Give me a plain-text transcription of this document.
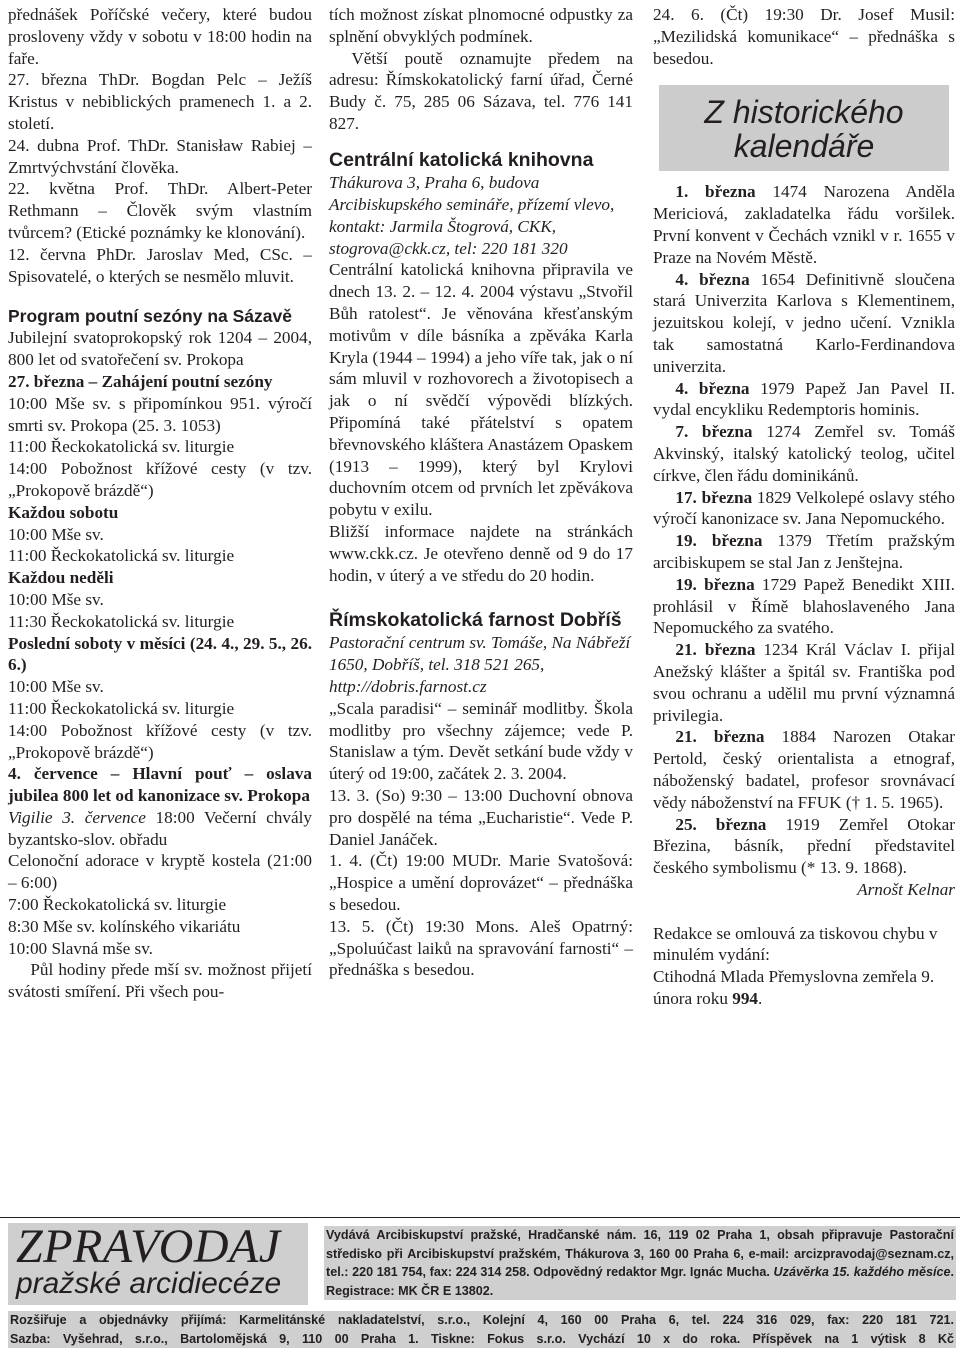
přednášek Poříčské večery, které budou prosloveny vždy v sobotu v 18:00 hodin na faře.

27. března ThDr. Bogdan Pelc – Ježíš Kristus v nebiblických pramenech 1. a 2. století.

24. dubna Prof. ThDr. Stanisław Rabiej – Zmrtvýchvstání člověka.

22. května Prof. ThDr. Albert-Peter Rethmann – Člověk svým vlastním tvůrcem? (Etické poznámky ke klonování).

12. června PhDr. Jaroslav Med, CSc. – Spisovatelé, o kterých se nesmělo mluvit.

Program poutní sezóny na Sázavě

Jubilejní svatoprokopský rok 1204 – 2004, 800 let od svatořečení sv. Prokopa

27. března – Zahájení poutní sezóny

10:00 Mše sv. s připomínkou 951. výročí smrti sv. Prokopa (25. 3. 1053)

11:00 Řeckokatolická sv. liturgie

14:00 Pobožnost křížové cesty (v tzv. „Prokopově brázdě“)

Každou sobotu

10:00 Mše sv.

11:00 Řeckokatolická sv. liturgie

Každou neděli

10:00 Mše sv.

11:30 Řeckokatolická sv. liturgie

Poslední soboty v měsíci (24. 4., 29. 5., 26. 6.)

10:00 Mše sv.

11:00 Řeckokatolická sv. liturgie

14:00 Pobožnost křížové cesty (v tzv. „Prokopově brázdě“)

4. července – Hlavní pouť – oslava jubilea 800 let od kanonizace sv. Prokopa

Vigilie 3. července 18:00 Večerní chvály byzantsko-slov. obřadu

Celonoční adorace v kryptě kostela (21:00 – 6:00)

7:00 Řeckokatolická sv. liturgie

8:30 Mše sv. kolínského vikariátu

10:00 Slavná mše sv.

Půl hodiny přede mší sv. možnost přijetí svátosti smíření. Při všech pou-

tích možnost získat plnomocné odpustky za splnění obvyklých podmínek.

Větší poutě oznamujte předem na adresu: Římskokatolický farní úřad, Černé Budy č. 75, 285 06 Sázava, tel. 776 141 827.

Centrální katolická knihovna

Thákurova 3, Praha 6, budova Arcibiskupského semináře, přízemí vlevo, kontakt: Jarmila Štogrová, CKK, stogrova@ckk.cz, tel: 220 181 320

Centrální katolická knihovna připravila ve dnech 13. 2. – 12. 4. 2004 výstavu „Stvořil Bůh ratolest“. Je věnována křesťanským motivům v díle básníka a zpěváka Karla Kryla (1944 – 1994) a jeho víře tak, jak o ní sám mluvil v rozhovorech a životopisech a jak o ní svědčí výpovědi blízkých. Připomíná také přátelství s opatem břevnovského kláštera Anastázem Opaskem (1913 – 1999), který byl Krylovi duchovním otcem od prvních let zpěvákova pobytu v exilu.

Bližší informace najdete na stránkách www.ckk.cz. Je otevřeno denně od 9 do 17 hodin, v úterý a ve středu do 20 hodin.

Římskokatolická farnost Dobříš

Pastorační centrum sv. Tomáše, Na Nábřeží 1650, Dobříš, tel. 318 521 265, http://dobris.farnost.cz

„Scala paradisi“ – seminář modlitby. Škola modlitby pro všechny zájemce; vede P. Stanislaw a tým. Devět setkání bude vždy v úterý od 19:00, začátek 2. 3. 2004.

13. 3. (So) 9:30 – 13:00 Duchovní obnova pro dospělé na téma „Eucharistie“. Vede P. Daniel Janáček.

1. 4. (Čt) 19:00 MUDr. Marie Svatošová: „Hospice a umění doprovázet“ – přednáška s besedou.

13. 5. (Čt) 19:30 Mons. Aleš Opatrný: „Spoluúčast laiků na spravování farnosti“ – přednáška s besedou.

24. 6. (Čt) 19:30 Dr. Josef Musil: „Mezilidská komunikace“ – přednáška s besedou.

Z historického
kalendáře

1. března 1474 Narozena Anděla Mericiová, zakladatelka řádu voršilek. První konvent v Čechách vznikl v r. 1655 v Praze na Novém Městě.

4. března 1654 Definitivně sloučena stará Univerzita Karlova s Klementinem, jezuitskou kolejí, v jedno učení. Vznikla tak samostatná Karlo-Ferdinandova univerzita.

4. března 1979 Papež Jan Pavel II. vydal encykliku Redemptoris hominis.

7. března 1274 Zemřel sv. Tomáš Akvinský, italský katolický teolog, učitel církve, člen řádu dominikánů.

17. března 1829 Velkolepé oslavy stého výročí kanonizace sv. Jana Nepomuckého.

19. března 1379 Třetím pražským arcibiskupem se stal Jan z Jenštejna.

19. března 1729 Papež Benedikt XIII. prohlásil v Římě blahoslaveného Jana Nepomuckého za svatého.

21. března 1234 Král Václav I. přijal Anežský klášter a špitál sv. Františka pod svou ochranu a udělil mu první významná privilegia.

21. března 1884 Narozen Otakar Pertold, český orientalista a etnograf, náboženský badatel, profesor srovnávací vědy náboženství na FFUK († 1. 5. 1965).

25. března 1919 Zemřel Otokar Březina, básník, přední představitel českého symbolismu (* 13. 9. 1868).

Arnošt Kelnar

Redakce se omlouvá za tiskovou chybu v minulém vydání:

Ctihodná Mlada Přemyslovna zemřela 9. února roku 994.

ZPRAVODAJ
pražské arcidiecéze

Vydává Arcibiskupství pražské, Hradčanské nám. 16, 119 02 Praha 1, obsah připravuje Pastorační středisko při Arcibiskupství pražském, Thákurova 3, 160 00 Praha 6, e-mail: arcizpravodaj@seznam.cz, tel.: 220 181 754, fax: 224 314 258. Odpovědný redaktor Mgr. Ignác Mucha. Uzávěrka 15. každého měsíce. Registrace: MK ČR E 13802.

Rozšiřuje a objednávky přijímá: Karmelitánské nakladatelství, s.r.o., Kolejní 4, 160 00 Praha 6, tel. 224 316 029, fax: 220 181 721.

Sazba: Vyšehrad, s.r.o., Bartolomějská 9, 110 00 Praha 1. Tiskne: Fokus s.r.o. Vychází 10 x do roka. Příspěvek na 1 výtisk 8 Kč
